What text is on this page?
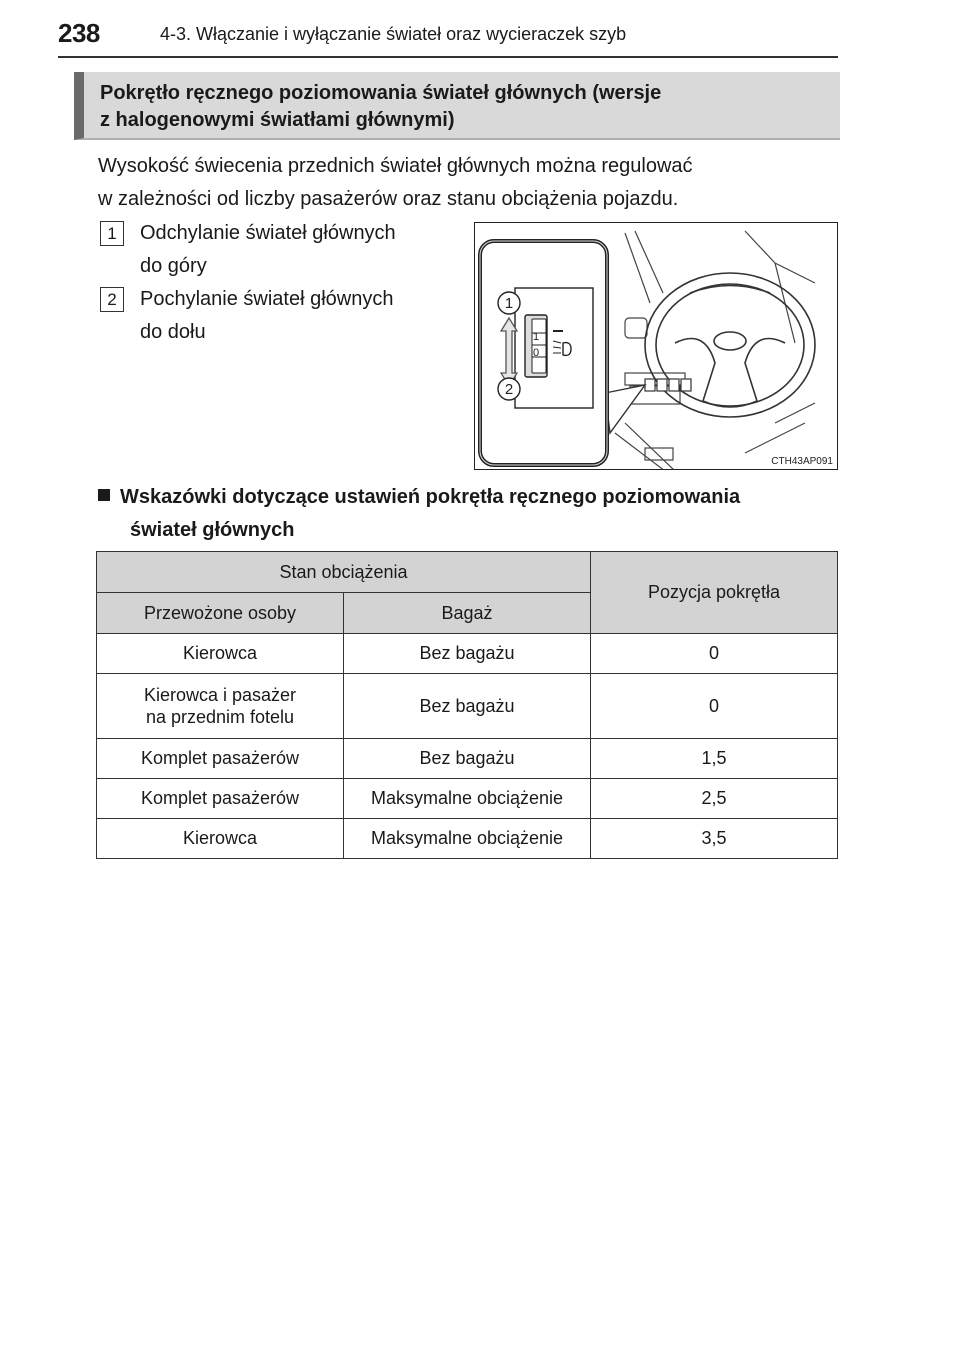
238	4-3. Włączanie i wyłączanie świateł oraz wycieraczek szyb
Pokrętło ręcznego poziomowania świateł głównych (wersje
z halogenowymi światłami głównymi)
Wysokość świecenia przednich świateł głównych można regulować
w zależności od liczby pasażerów oraz stanu obciążenia pojazdu.
1	Odchylanie świateł głównych
do góry
2	Pochylanie świateł głównych
do dołu	1
0
1
2
CTH43AP091
Wskazówki dotyczące ustawień pokrętła ręcznego poziomowania
świateł głównych
Stan obciążenia		Pozycja pokrętła
Przewożone osoby	Bagaż	
Kierowca	Bez bagażu	0

Kierowca i pasażer
na przednim fotelu	Bez bagażu	0
Komplet pasażerów	Bez bagażu	1,5
Komplet pasażerów	Maksymalne obciążenie	2,5
Kierowca	Maksymalne obciążenie	3,5
